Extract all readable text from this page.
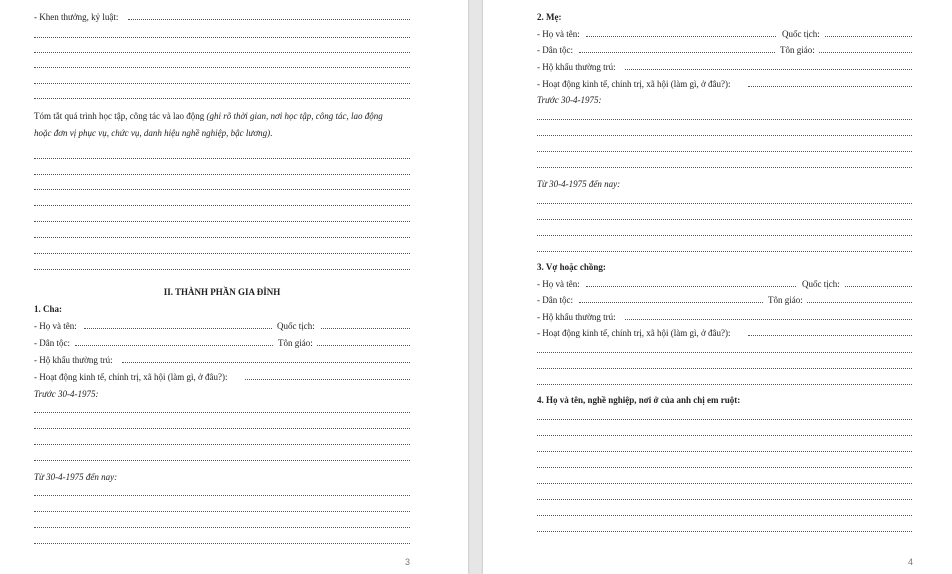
- Khen thưởng, kỷ luật:
Tóm tắt quá trình học tập, công tác và lao động (ghi rõ thời gian, nơi học tập, công tác, lao động
hoặc đơn vị phục vụ, chức vụ, danh hiệu nghề nghiệp, bậc lương).
II. THÀNH PHẦN GIA ĐÌNH
1. Cha:
- Họ và tên:	Quốc tịch:
- Dân tộc:	Tôn giáo:
- Hộ khẩu thường trú:
- Hoạt động kinh tế, chính trị, xã hội (làm gì, ở đâu?):
Trước 30-4-1975:
Từ 30-4-1975 đến nay:
3
2. Mẹ:
- Họ và tên:	Quốc tịch:
- Dân tộc:	Tôn giáo:
- Hộ khẩu thường trú:
- Hoạt động kinh tế, chính trị, xã hội (làm gì, ở đâu?):
Trước 30-4-1975:
Từ 30-4-1975 đến nay:
3. Vợ hoặc chồng:
- Họ và tên:	Quốc tịch:
- Dân tộc:	Tôn giáo:
- Hộ khẩu thường trú:
- Hoạt động kinh tế, chính trị, xã hội (làm gì, ở đâu?):
4. Họ và tên, nghề nghiệp, nơi ở của anh chị em ruột:
4
